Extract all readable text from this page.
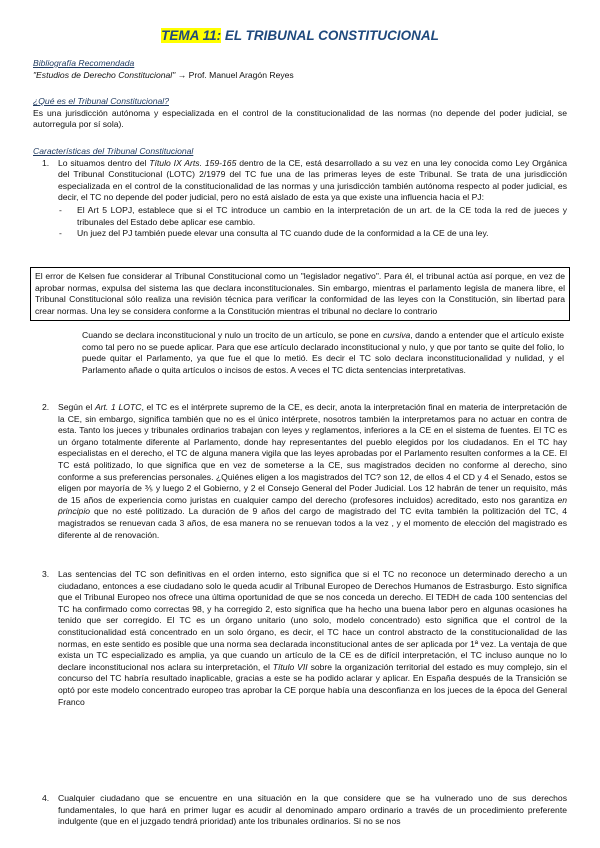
TEMA 11: EL TRIBUNAL CONSTITUCIONAL
Bibliografía Recomendada
"Estudios de Derecho Constitucional" → Prof. Manuel Aragón Reyes
¿Qué es el Tribunal Constitucional?
Es una jurisdicción autónoma y especializada en el control de la constitucionalidad de las normas (no depende del poder judicial, se autorregula por sí sola).
Características del Tribunal Constitucional
1. Lo situamos dentro del Título IX Arts. 159-165 dentro de la CE, está desarrollado a su vez en una ley conocida como Ley Orgánica del Tribunal Constitucional (LOTC) 2/1979 del TC fue una de las primeras leyes de este Tribunal. Se trata de una jurisdicción especializada en el control de la constitucionalidad de las normas y una jurisdicción también autónoma respecto al poder judicial, es decir, el TC no depende del poder judicial, pero no está aislado de esta ya que existe una influencia hacia el PJ:
- El Art 5 LOPJ, establece que si el TC introduce un cambio en la interpretación de un art. de la CE toda la red de jueces y tribunales del Estado debe aplicar ese cambio.
- Un juez del PJ también puede elevar una consulta al TC cuando dude de la conformidad a la CE de una ley.
El error de Kelsen fue considerar al Tribunal Constitucional como un "legislador negativo". Para él, el tribunal actúa así porque, en vez de aprobar normas, expulsa del sistema las que declara inconstitucionales. Sin embargo, mientras el parlamento legisla de manera libre, el Tribunal Constitucional sólo realiza una revisión técnica para verificar la conformidad de las leyes con la Constitución, sin libertad para crear normas. Una ley se considera conforme a la Constitución mientras el tribunal no declare lo contrario
Cuando se declara inconstitucional y nulo un trocito de un artículo, se pone en cursiva, dando a entender que el artículo existe como tal pero no se puede aplicar. Para que ese artículo declarado inconstitucional y nulo, y que por tanto se quite del folio, lo puede quitar el Parlamento, ya que fue el que lo metió. Es decir el TC solo declara inconstitucionalidad y nulidad, y el Parlamento añade o quita artículos o incisos de estos. A veces el TC dicta sentencias interpretativas.
2. Según el Art. 1 LOTC, el TC es el intérprete supremo de la CE, es decir, anota la interpretación final en materia de interpretación de la CE, sin embargo, significa también que no es el único intérprete, nosotros también la interpretamos para no actuar en contra de esta. Tanto los jueces y tribunales ordinarios trabajan con leyes y reglamentos, inferiores a la CE en el sistema de fuentes. El TC es un órgano totalmente diferente al Parlamento, donde hay representantes del pueblo elegidos por los ciudadanos. En el TC hay especialistas en el derecho, el TC de alguna manera vigila que las leyes aprobadas por el Parlamento resulten conformes a la CE. El TC está politizado, lo que significa que en vez de someterse a la CE, sus magistrados deciden no conforme al derecho, sino conforme a sus preferencias personales. ¿Quiénes eligen a los magistrados del TC? son 12, de ellos 4 el CD y 4 el Senado, estos se eligen por mayoría de ⅗ y luego 2 el Gobierno, y 2 el Consejo General del Poder Judicial. Los 12 habrán de tener un requisito, más de 15 años de experiencia como juristas en cualquier campo del derecho (profesores incluidos) acreditado, esto nos garantiza en principio que no esté politizado. La duración de 9 años del cargo de magistrado del TC evita también la politización del TC, 4 magistrados se renuevan cada 3 años, de esa manera no se renuevan todos a la vez , y el momento de elección del magistrado es diferente al de renovación.
3. Las sentencias del TC son definitivas en el orden interno, esto significa que si el TC no reconoce un determinado derecho a un ciudadano, entonces a ese ciudadano solo le queda acudir al Tribunal Europeo de Derechos Humanos de Estrasburgo. Esto significa que el Tribunal Europeo nos ofrece una última oportunidad de que se nos conceda un derecho. El TEDH de cada 100 sentencias del TC ha confirmado como correctas 98, y ha corregido 2, esto significa que ha hecho una buena labor pero en algunas ocasiones ha tenido que ser corregido. El TC es un órgano unitario (uno solo, modelo concentrado) esto significa que el control de la constitucionalidad está concentrado en un solo órgano, es decir, el TC hace un control abstracto de la constitucionalidad de las normas, en este sentido es posible que una norma sea declarada inconstitucional antes de ser aplicada por 1ª vez. La ventaja de que exista un TC especializado es amplia, ya que cuando un artículo de la CE es de difícil interpretación, el TC incluso aunque no lo declare inconstitucional nos aclara su interpretación, el Título VII sobre la organización territorial del estado es muy complejo, sin el concurso del TC habría resultado inaplicable, gracias a este se ha podido aclarar y aplicar. En España después de la Transición se optó por este modelo concentrado europeo tras aprobar la CE porque había una desconfianza en los jueces de la época del General Franco
4. Cualquier ciudadano que se encuentre en una situación en la que considere que se ha vulnerado uno de sus derechos fundamentales, lo que hará en primer lugar es acudir al denominado amparo ordinario a través de un procedimiento preferente indulgente (que en el juzgado tendrá prioridad) ante los tribunales ordinarios. Si no se nos
